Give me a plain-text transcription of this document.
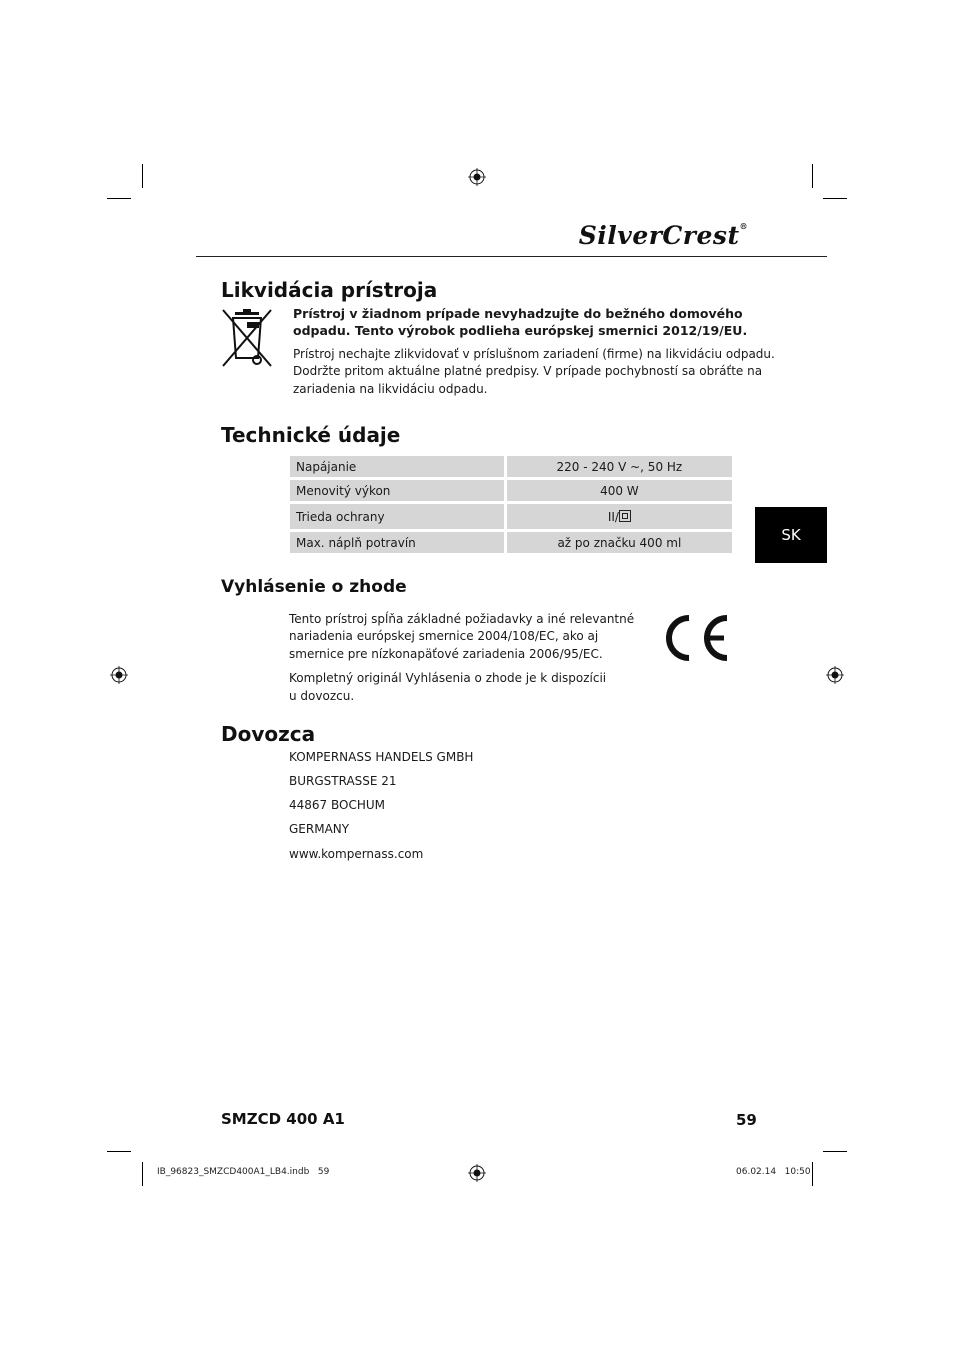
SilverCrest®
Likvidácia prístroja

Prístroj v žiadnom prípade nevyhadzujte do bežného domového

odpadu. Tento výrobok podlieha európskej smernici 2012/19/EU.

Prístroj nechajte zlikvidovať v príslušnom zariadení (firme) na likvidáciu odpadu.

Dodržte pritom aktuálne platné predpisy. V prípade pochybností sa obráťte na

zariadenia na likvidáciu odpadu.

Technické údaje
Napájanie	220 - 240 V ~, 50 Hz
Menovitý výkon	400 W
Trieda ochrany	II/
Max. náplň potravín	až po značku 400 ml	SK
Vyhlásenie o zhode

Tento prístroj spĺňa základné požiadavky a iné relevantné

nariadenia európskej smernice 2004/108/EC, ako aj

smernice pre nízkonapäťové zariadenia 2006/95/EC.

Kompletný originál Vyhlásenia o zhode je k dispozícii

u dovozcu.

Dovozca
KOMPERNASS HANDELS GMBH
BURGSTRASSE 21
44867 BOCHUM
GERMANY
www.kompernass.com
SMZCD 400 A1	59
IB_96823_SMZCD400A1_LB4.indb   59	06.02.14   10:50
